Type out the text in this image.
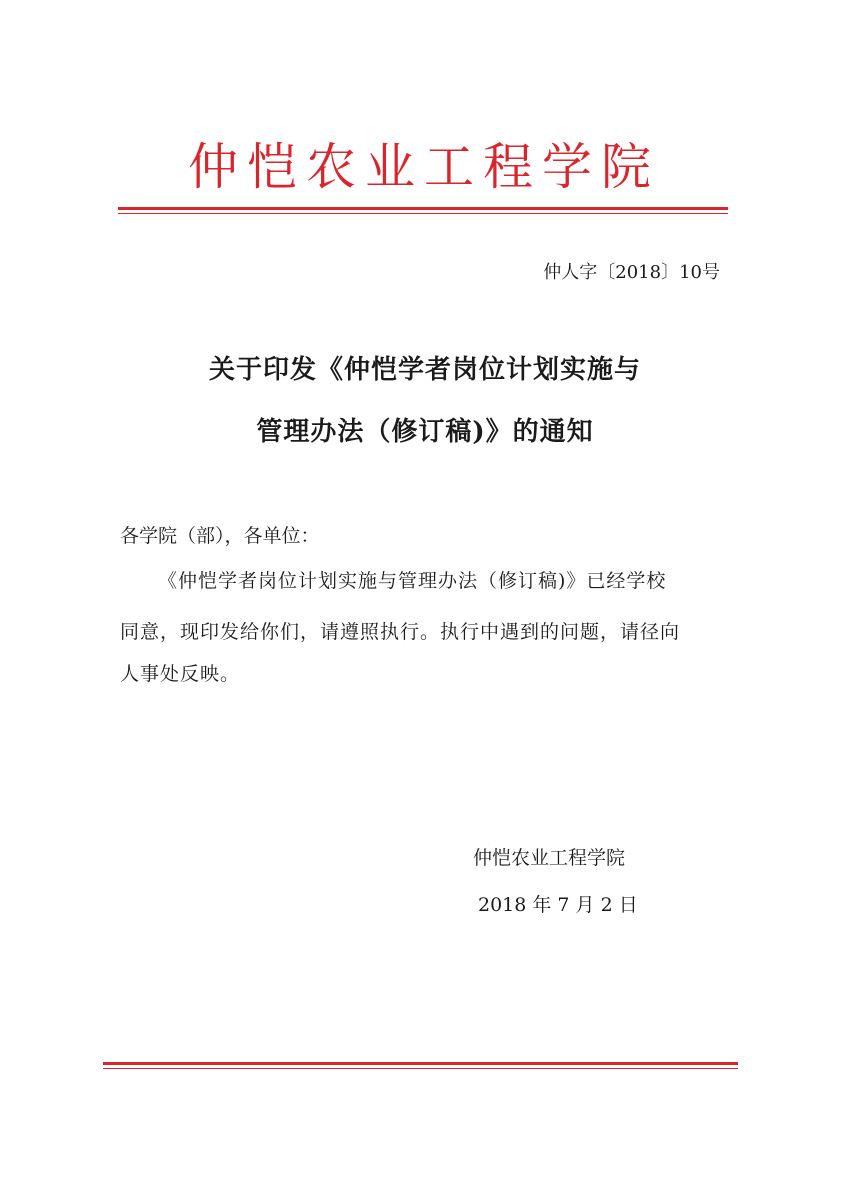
仲恺农业工程学院
仲人字〔2018〕10号
关于印发《仲恺学者岗位计划实施与
管理办法（修订稿)》的通知
各学院（部），各单位：
《仲恺学者岗位计划实施与管理办法（修订稿)》已经学校
同意，现印发给你们，请遵照执行。执行中遇到的问题，请径向
人事处反映。
仲恺农业工程学院
2018 年 7 月 2 日
